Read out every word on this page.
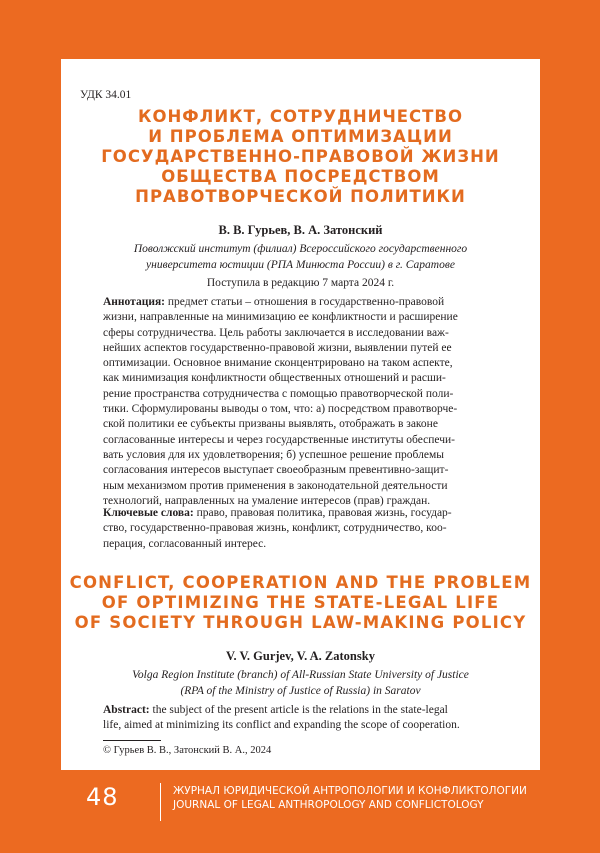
УДК 34.01
КОНФЛИКТ, СОТРУДНИЧЕСТВО
И ПРОБЛЕМА ОПТИМИЗАЦИИ
ГОСУДАРСТВЕННО-ПРАВОВОЙ ЖИЗНИ
ОБЩЕСТВА ПОСРЕДСТВОМ
ПРАВОТВОРЧЕСКОЙ ПОЛИТИКИ
В. В. Гурьев, В. А. Затонский
Поволжский институт (филиал) Всероссийского государственного
университета юстиции (РПА Минюста России) в г. Саратове
Поступила в редакцию 7 марта 2024 г.
Аннотация: предмет статьи – отношения в государственно-правовой
жизни, направленные на минимизацию ее конфликтности и расширение
сферы сотрудничества. Цель работы заключается в исследовании важ-
нейших аспектов государственно-правовой жизни, выявлении путей ее
оптимизации. Основное внимание сконцентрировано на таком аспекте,
как минимизация конфликтности общественных отношений и расши-
рение пространства сотрудничества с помощью правотворческой поли-
тики. Сформулированы выводы о том, что: а) посредством правотворче-
ской политики ее субъекты призваны выявлять, отображать в законе
согласованные интересы и через государственные институты обеспечи-
вать условия для их удовлетворения; б) успешное решение проблемы
согласования интересов выступает своеобразным превентивно-защит-
ным механизмом против применения в законодательной деятельности
технологий, направленных на умаление интересов (прав) граждан.
Ключевые слова: право, правовая политика, правовая жизнь, государ-
ство, государственно-правовая жизнь, конфликт, сотрудничество, коо-
перация, согласованный интерес.
CONFLICT, COOPERATION AND THE PROBLEM
OF OPTIMIZING THE STATE-LEGAL LIFE
OF SOCIETY THROUGH LAW-MAKING POLICY
V. V. Gurjev, V. A. Zatonsky
Volga Region Institute (branch) of All-Russian State University of Justice
(RPA of the Ministry of Justice of Russia) in Saratov
Abstract: the subject of the present article is the relations in the state-legal
life, aimed at minimizing its conflict and expanding the scope of cooperation.
© Гурьев В. В., Затонский В. А., 2024
48	ЖУРНАЛ ЮРИДИЧЕСКОЙ АНТРОПОЛОГИИ И КОНФЛИКТОЛОГИИ
JOURNAL OF LEGAL ANTHROPOLOGY AND CONFLICTOLOGY
